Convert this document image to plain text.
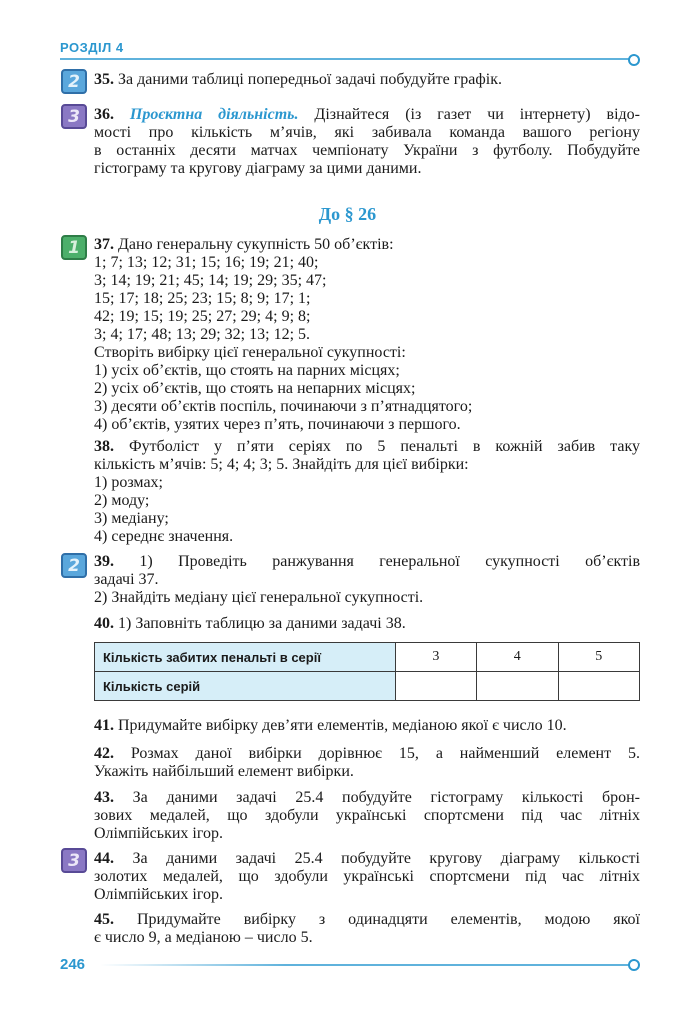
РОЗДІЛ 4
2 35. За даними таблиці попередньої задачі побудуйте графік.
3 36. Проєктна діяльність. Дізнайтеся (із газет чи інтернету) відо-
мості про кількість м’ячів, які забивала команда вашого регіону
в останніх десяти матчах чемпіонату України з футболу. Побудуйте
гістограму та кругову діаграму за цими даними.
До § 26
1 37. Дано генеральну сукупність 50 об’єктів:
1; 7; 13; 12; 31; 15; 16; 19; 21; 40;
3; 14; 19; 21; 45; 14; 19; 29; 35; 47;
15; 17; 18; 25; 23; 15; 8; 9; 17; 1;
42; 19; 15; 19; 25; 27; 29; 4; 9; 8;
3; 4; 17; 48; 13; 29; 32; 13; 12; 5.
Створіть вибірку цієї генеральної сукупності:
1) усіх об’єктів, що стоять на парних місцях;
2) усіх об’єктів, що стоять на непарних місцях;
3) десяти об’єктів поспіль, починаючи з п’ятнадцятого;
4) об’єктів, узятих через п’ять, починаючи з першого.
38. Футболіст у п’яти серіях по 5 пенальті в кожній забив таку
кількість м’ячів: 5; 4; 4; 3; 5. Знайдіть для цієї вибірки:
1) розмах;
2) моду;
3) медіану;
4) середнє значення.
2 39. 1) Проведіть ранжування генеральної сукупності об’єктів
задачі 37.
2) Знайдіть медіану цієї генеральної сукупності.
40. 1) Заповніть таблицю за даними задачі 38.
Кількість забитих пенальті в серії	3	4	5
Кількість серій			
41. Придумайте вибірку дев’яти елементів, медіаною якої є число 10.
42. Розмах даної вибірки дорівнює 15, а найменший елемент 5.
Укажіть найбільший елемент вибірки.
43. За даними задачі 25.4 побудуйте гістограму кількості брон-
зових медалей, що здобули українські спортсмени під час літніх
Олімпійських ігор.
3 44. За даними задачі 25.4 побудуйте кругову діаграму кількості
золотих медалей, що здобули українські спортсмени під час літніх
Олімпійських ігор.
45. Придумайте вибірку з одинадцяти елементів, модою якої
є число 9, а медіаною – число 5.
246
